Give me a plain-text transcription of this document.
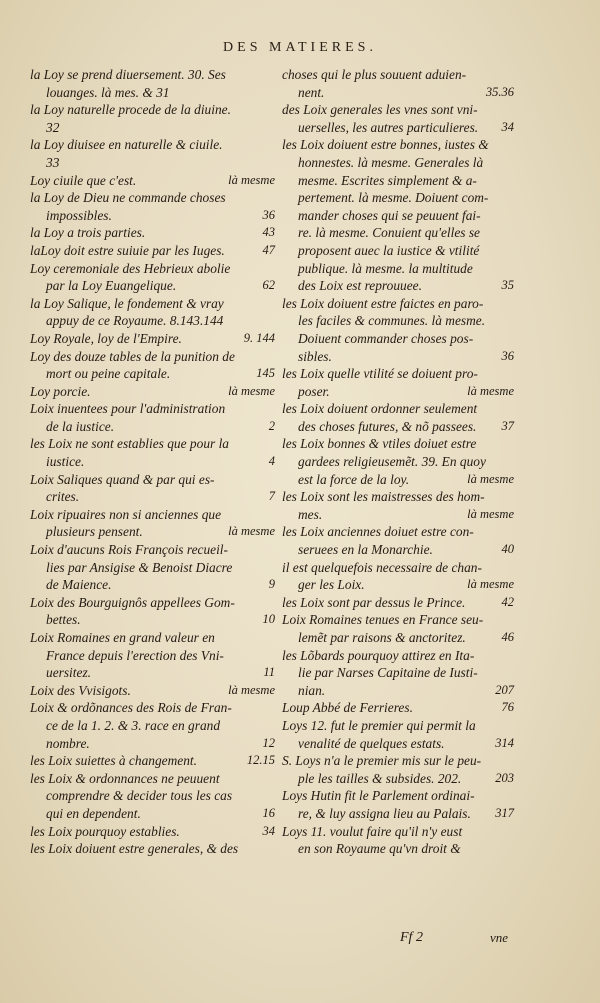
DES MATIERES.
la Loy se prend diuersement. 30. Ses
louanges. là mes. & 31
la Loy naturelle procede de la diuine.
32
la Loy diuisee en naturelle & ciuile.
33
Loy ciuile que c'est.	là mesme
la Loy de Dieu ne commande choses
impossibles.	36
la Loy a trois parties.	43
laLoy doit estre suiuie par les Iuges.	47
Loy ceremoniale des Hebrieux abolie
par la Loy Euangelique.	62
la Loy Salique, le fondement & vray
appuy de ce Royaume. 8.143.144
Loy Royale, loy de l'Empire.	9. 144
Loy des douze tables de la punition de
mort ou peine capitale.	145
Loy porcie.	là mesme
Loix inuentees pour l'administration
de la iustice.	2
les Loix ne sont establies que pour la
iustice.	4
Loix Saliques quand & par qui es-
crites.	7
Loix ripuaires non si anciennes que
plusieurs pensent.	là mesme
Loix d'aucuns Rois François recueil-
lies par Ansigise & Benoist Diacre
de Maience.	9
Loix des Bourguignôs appellees Gom-
bettes.	10
Loix Romaines en grand valeur en
France depuis l'erection des Vni-
uersitez.	11
Loix des Vvisigots.	là mesme
Loix & ordõnances des Rois de Fran-
ce de la 1. 2. & 3. race en grand
nombre.	12
les Loix suiettes à changement.	12.15
les Loix & ordonnances ne peuuent
comprendre & decider tous les cas
qui en dependent.	16
les Loix pourquoy establies.	34
les Loix doiuent estre generales, & des
choses qui le plus souuent aduien-
nent.	35.36
des Loix generales les vnes sont vni-
uerselles, les autres particulieres. 34
les Loix doiuent estre bonnes, iustes &
honnestes. là mesme. Generales là
mesme. Escrites simplement & a-
pertement. là mesme. Doiuent com-
mander choses qui se peuuent fai-
re. là mesme. Conuient qu'elles se
proposent auec la iustice & vtilité
publique. là mesme. la multitude
des Loix est reprouuee.	35
les Loix doiuent estre faictes en paro-
les faciles & communes. là mesme.
Doiuent commander choses pos-
sibles.	36
les Loix quelle vtilité se doiuent pro-
poser.	là mesme
les Loix doiuent ordonner seulement
des choses futures, & nõ passees. 37
les Loix bonnes & vtiles doiuet estre
gardees religieusemẽt. 39. En quoy
est la force de la loy.	là mesme
les Loix sont les maistresses des hom-
mes.	là mesme
les Loix anciennes doiuet estre con-
seruees en la Monarchie.	40
il est quelquefois necessaire de chan-
ger les Loix.	là mesme
les Loix sont par dessus le Prince.	42
Loix Romaines tenues en France seu-
lemẽt par raisons & anctoritez.	46
les Lõbards pourquoy attirez en Ita-
lie par Narses Capitaine de Iusti-
nian.	207
Loup Abbé de Ferrieres.	76
Loys 12. fut le premier qui permit la
venalité de quelques estats.	314
S. Loys n'a le premier mis sur le peu-
ple les tailles & subsides. 202.	203
Loys Hutin fit le Parlement ordinai-
re, & luy assigna lieu au Palais. 317
Loys 11. voulut faire qu'il n'y eust
en son Royaume qu'vn droit &
Ff 2	vne
